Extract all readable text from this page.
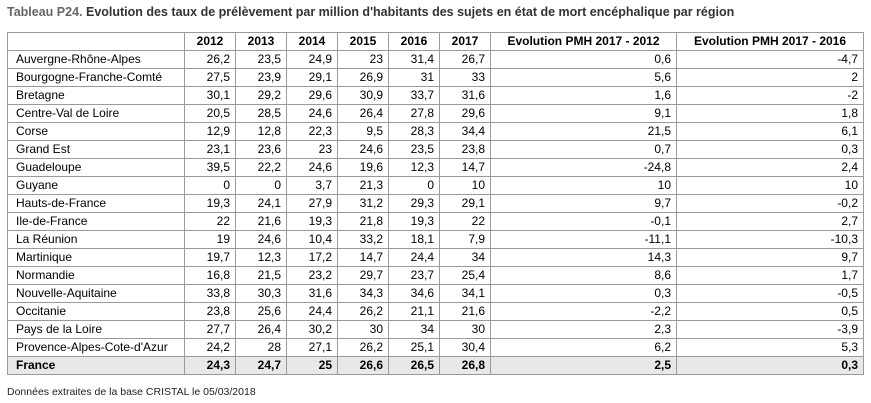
Tableau P24. Evolution des taux de prélèvement par million d'habitants des sujets en état de mort encéphalique par région
	2012	2013	2014	2015	2016	2017	Evolution PMH 2017 - 2012	Evolution PMH 2017 - 2016
Auvergne-Rhône-Alpes	26,2	23,5	24,9	23	31,4	26,7	0,6	-4,7
Bourgogne-Franche-Comté	27,5	23,9	29,1	26,9	31	33	5,6	2
Bretagne	30,1	29,2	29,6	30,9	33,7	31,6	1,6	-2
Centre-Val de Loire	20,5	28,5	24,6	26,4	27,8	29,6	9,1	1,8
Corse	12,9	12,8	22,3	9,5	28,3	34,4	21,5	6,1
Grand Est	23,1	23,6	23	24,6	23,5	23,8	0,7	0,3
Guadeloupe	39,5	22,2	24,6	19,6	12,3	14,7	-24,8	2,4
Guyane	0	0	3,7	21,3	0	10	10	10
Hauts-de-France	19,3	24,1	27,9	31,2	29,3	29,1	9,7	-0,2
Ile-de-France	22	21,6	19,3	21,8	19,3	22	-0,1	2,7
La Réunion	19	24,6	10,4	33,2	18,1	7,9	-11,1	-10,3
Martinique	19,7	12,3	17,2	14,7	24,4	34	14,3	9,7
Normandie	16,8	21,5	23,2	29,7	23,7	25,4	8,6	1,7
Nouvelle-Aquitaine	33,8	30,3	31,6	34,3	34,6	34,1	0,3	-0,5
Occitanie	23,8	25,6	24,4	26,2	21,1	21,6	-2,2	0,5
Pays de la Loire	27,7	26,4	30,2	30	34	30	2,3	-3,9
Provence-Alpes-Cote-d'Azur	24,2	28	27,1	26,2	25,1	30,4	6,2	5,3
France	24,3	24,7	25	26,6	26,5	26,8	2,5	0,3
Données extraites de la base CRISTAL le 05/03/2018
